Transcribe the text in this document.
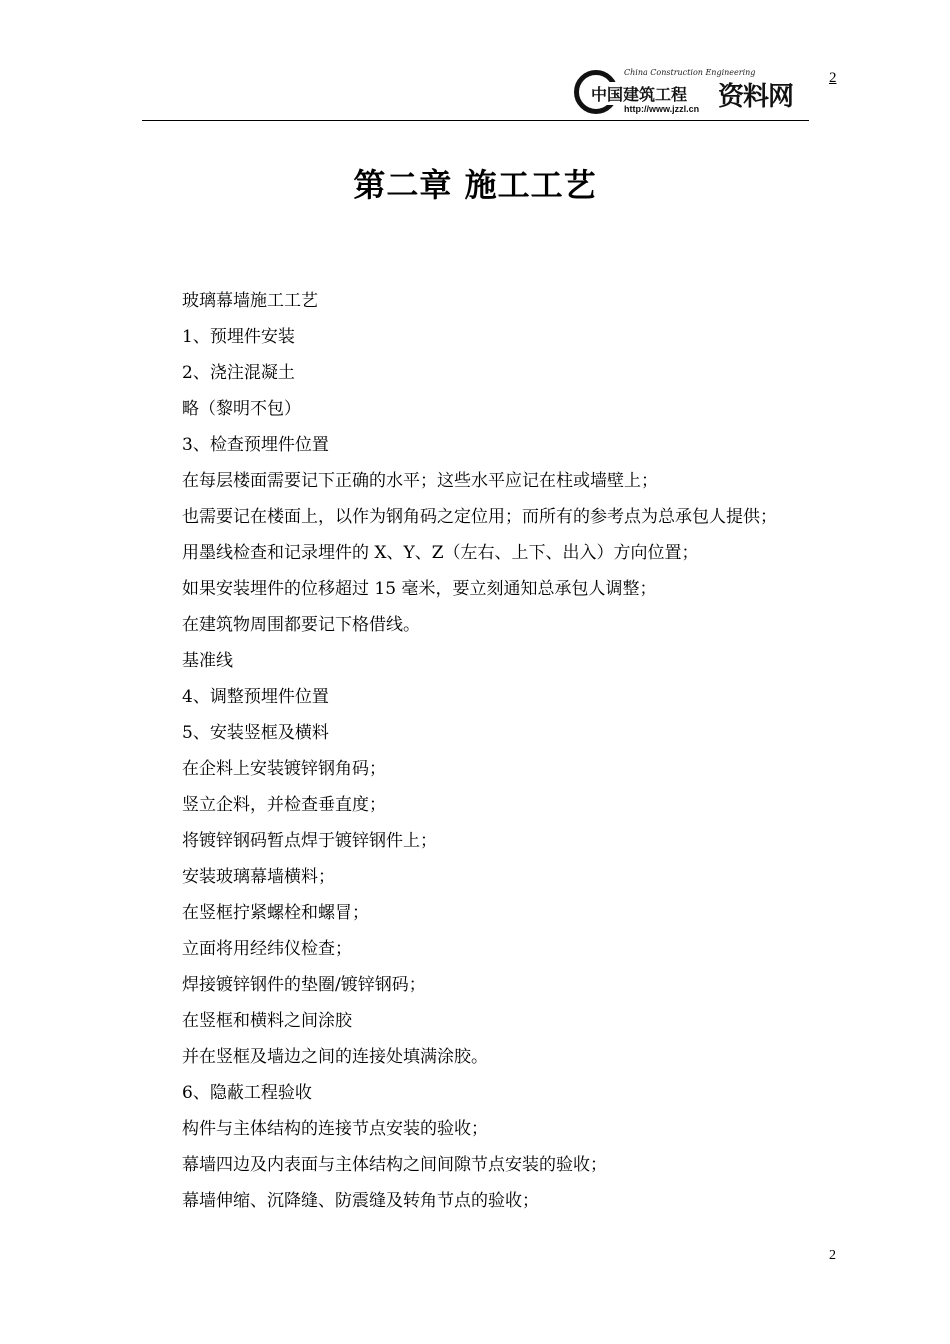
中国建筑工程
China Construction Engineering
http://www.jzzl.cn 资料网
2
第二章 施工工艺
玻璃幕墙施工工艺
1、预埋件安装
2、浇注混凝土
略（黎明不包）
3、检查预埋件位置
在每层楼面需要记下正确的水平；这些水平应记在柱或墙壁上；
也需要记在楼面上，以作为钢角码之定位用；而所有的参考点为总承包人提供；
用墨线检查和记录埋件的 X、Y、Z（左右、上下、出入）方向位置；
如果安装埋件的位移超过 15 毫米，要立刻通知总承包人调整；
在建筑物周围都要记下格借线。
基准线
4、调整预埋件位置
5、安装竖框及横料
在企料上安装镀锌钢角码；
竖立企料，并检查垂直度；
将镀锌钢码暂点焊于镀锌钢件上；
安装玻璃幕墙横料；
在竖框拧紧螺栓和螺冒；
立面将用经纬仪检查；
焊接镀锌钢件的垫圈/镀锌钢码；
在竖框和横料之间涂胶
并在竖框及墙边之间的连接处填满涂胶。
6、隐蔽工程验收
构件与主体结构的连接节点安装的验收；
幕墙四边及内表面与主体结构之间间隙节点安装的验收；
幕墙伸缩、沉降缝、防震缝及转角节点的验收；
2
